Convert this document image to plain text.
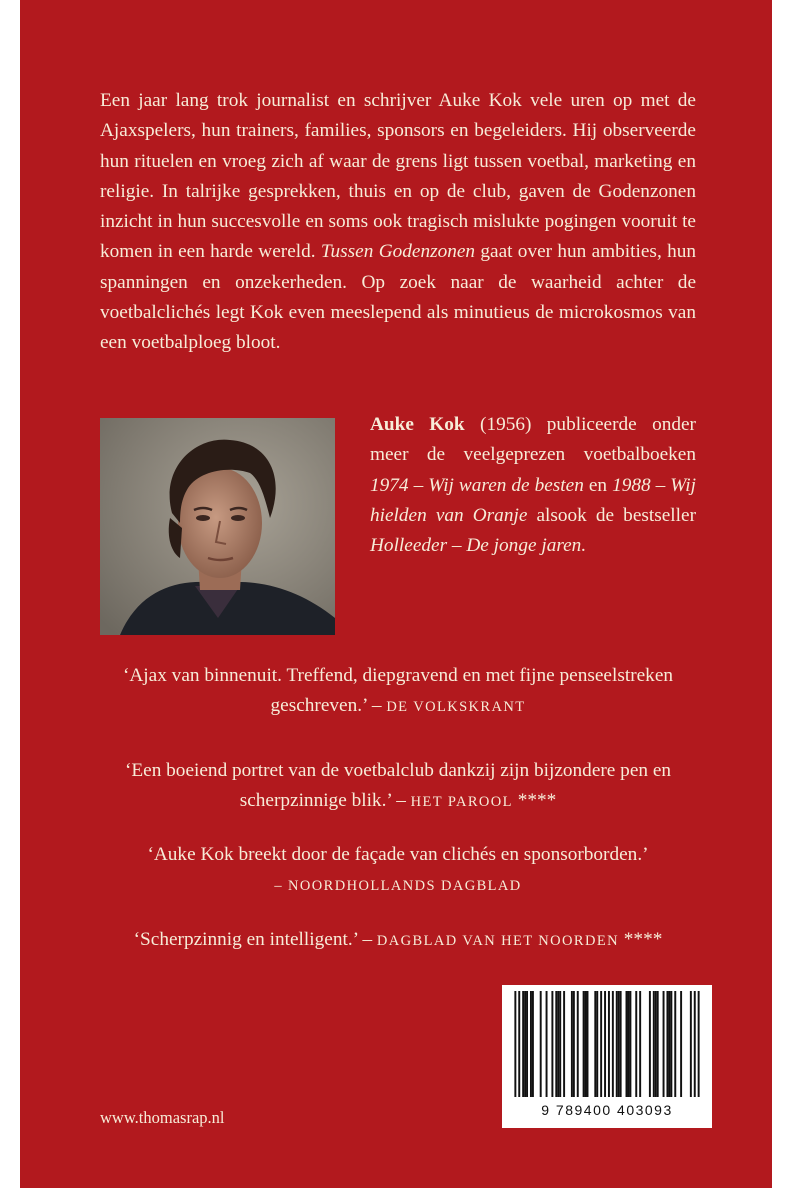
Een jaar lang trok journalist en schrijver Auke Kok vele uren op met de Ajaxspelers, hun trainers, families, sponsors en begeleiders. Hij observeerde hun rituelen en vroeg zich af waar de grens ligt tussen voetbal, marketing en religie. In talrijke gesprekken, thuis en op de club, gaven de Godenzonen inzicht in hun succesvolle en soms ook tragisch mislukte pogingen vooruit te komen in een harde wereld. Tussen Godenzonen gaat over hun ambities, hun spanningen en onzekerheden. Op zoek naar de waarheid achter de voetbalclichés legt Kok even meeslepend als minutieus de microkosmos van een voetbalploeg bloot.

Auke Kok (1956) publiceerde onder meer de veelgeprezen voetbalboeken 1974 – Wij waren de besten en 1988 – Wij hielden van Oranje alsook de bestseller Holleeder – De jonge jaren.
‘Ajax van binnenuit. Treffend, diepgravend en met fijne penseelstreken geschreven.’ – DE VOLKSKRANT
‘Een boeiend portret van de voetbalclub dankzij zijn bijzondere pen en scherpzinnige blik.’ – HET PAROOL ****
‘Auke Kok breekt door de façade van clichés en sponsorborden.’
– NOORDHOLLANDS DAGBLAD
‘Scherpzinnig en intelligent.’ – DAGBLAD VAN HET NOORDEN ****
9 789400 403093
www.thomasrap.nl
